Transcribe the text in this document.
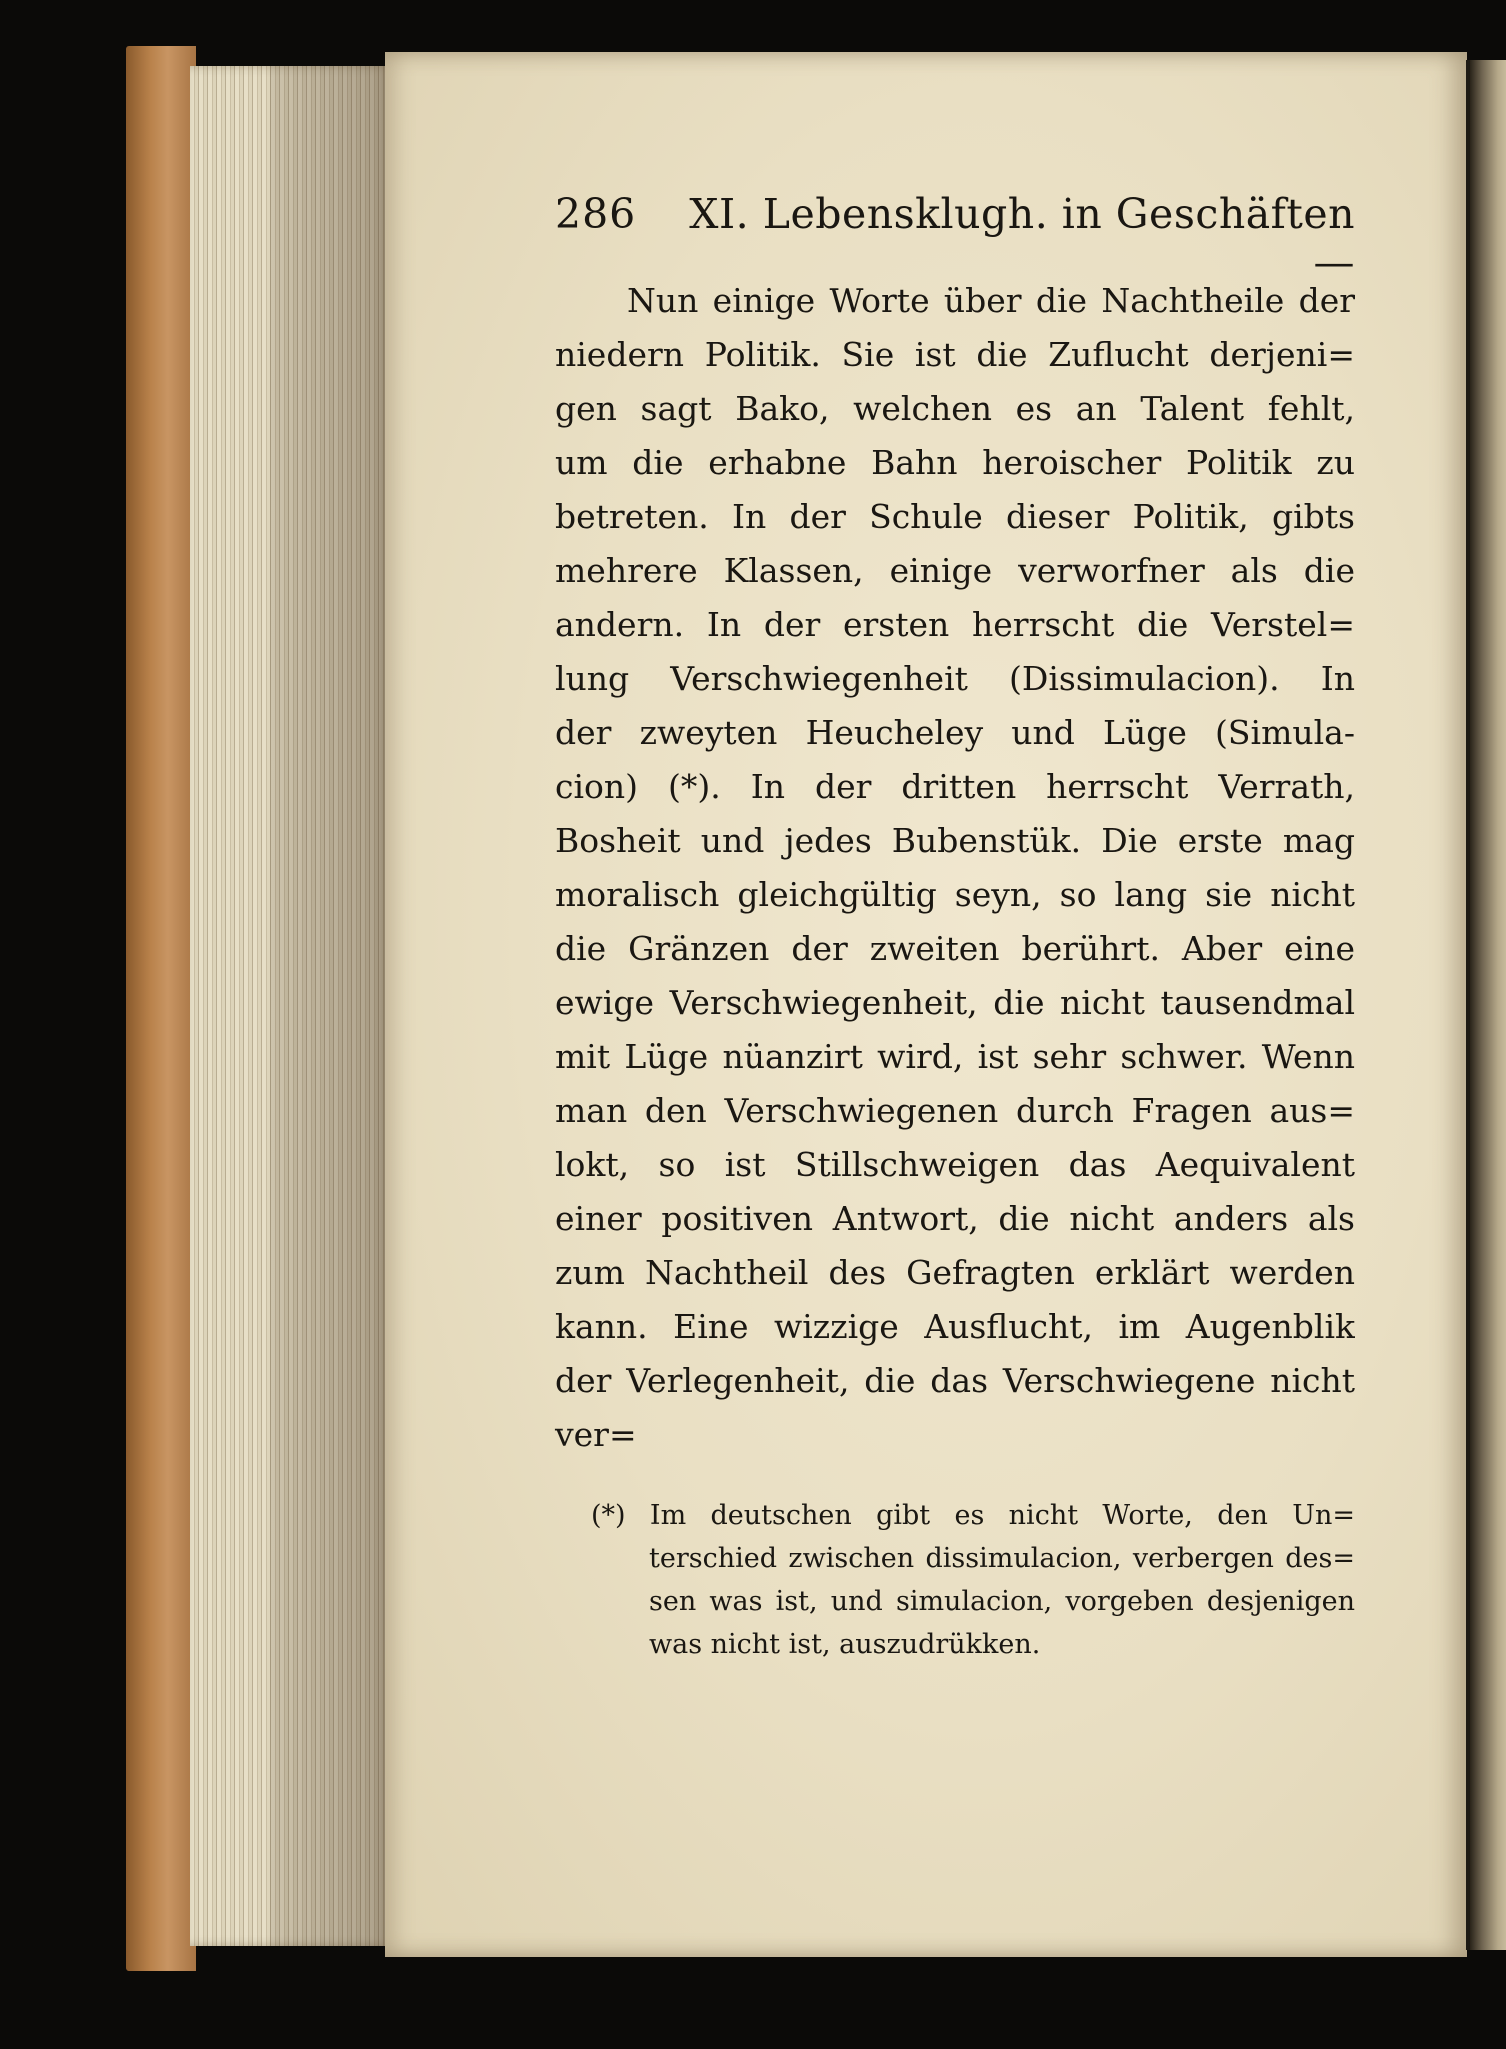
286	XI. Lebensklugh. in Geschäften —
Nun einige Worte über die Nachtheile der
niedern Politik. Sie ist die Zuflucht derjeni=
gen sagt Bako, welchen es an Talent fehlt,
um die erhabne Bahn heroischer Politik zu
betreten. In der Schule dieser Politik, gibts
mehrere Klassen, einige verworfner als die
andern. In der ersten herrscht die Verstel=
lung Verschwiegenheit (Dissimulacion). In
der zweyten Heucheley und Lüge (Simula-
cion) (*). In der dritten herrscht Verrath,
Bosheit und jedes Bubenstük. Die erste mag
moralisch gleichgültig seyn, so lang sie nicht
die Gränzen der zweiten berührt. Aber eine
ewige Verschwiegenheit, die nicht tausendmal
mit Lüge nüanzirt wird, ist sehr schwer. Wenn
man den Verschwiegenen durch Fragen aus=
lokt, so ist Stillschweigen das Aequivalent
einer positiven Antwort, die nicht anders als
zum Nachtheil des Gefragten erklärt werden
kann. Eine wizzige Ausflucht, im Augenblik
der Verlegenheit, die das Verschwiegene nicht
ver=
(*) Im deutschen gibt es nicht Worte, den Un=
terschied zwischen dissimulacion, verbergen des=
sen was ist, und simulacion, vorgeben desjenigen
was nicht ist, auszudrükken.
